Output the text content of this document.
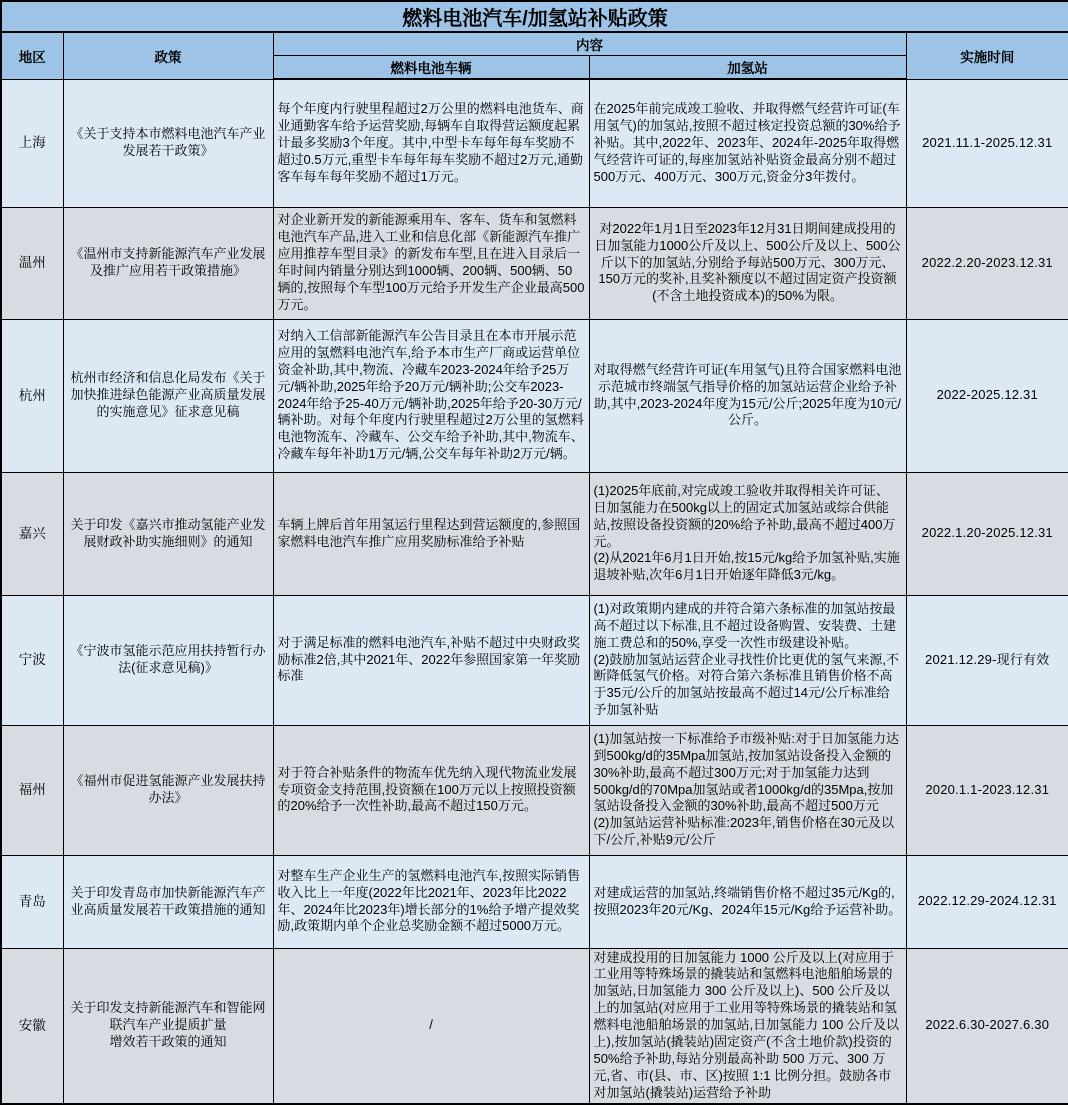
燃料电池汽车/加氢站补贴政策				
地区	政策	内容		实施时间
		燃料电池车辆	加氢站	
上海	《关于支持本市燃料电池汽车产业发展若干政策》	每个年度内行驶里程超过2万公里的燃料电池货车、商业通勤客车给予运营奖励,每辆车自取得营运额度起累计最多奖励3个年度。其中,中型卡车每年每车奖励不超过0.5万元,重型卡车每年每车奖励不超过2万元,通勤客车每车每年奖励不超过1万元。	在2025年前完成竣工验收、并取得燃气经营许可证(车用氢气)的加氢站,按照不超过核定投资总额的30%给予补贴。其中,2022年、2023年、2024年-2025年取得燃气经营许可证的,每座加氢站补贴资金最高分别不超过500万元、400万元、300万元,资金分3年拨付。	2021.11.1-2025.12.31
温州	《温州市支持新能源汽车产业发展及推广应用若干政策措施》	对企业新开发的新能源乘用车、客车、货车和氢燃料电池汽车产品,进入工业和信息化部《新能源汽车推广应用推荐车型目录》的新发布车型,且在进入目录后一年时间内销量分别达到1000辆、200辆、500辆、50辆的,按照每个车型100万元给予开发生产企业最高500万元。	对2022年1月1日至2023年12月31日期间建成投用的日加氢能力1000公斤及以上、500公斤及以上、500公斤以下的加氢站,分别给予每站500万元、300万元、150万元的奖补,且奖补额度以不超过固定资产投资额(不含土地投资成本)的50%为限。	2022.2.20-2023.12.31
杭州	杭州市经济和信息化局发布《关于加快推进绿色能源产业高质量发展的实施意见》征求意见稿	对纳入工信部新能源汽车公告目录且在本市开展示范应用的氢燃料电池汽车,给予本市生产厂商或运营单位资金补助,其中,物流、冷藏车2023-2024年给予25万元/辆补助,2025年给予20万元/辆补助;公交车2023-2024年给予25-40万元/辆补助,2025年给予20-30万元/辆补助。对每个年度内行驶里程超过2万公里的氢燃料电池物流车、冷藏车、公交车给予补助,其中,物流车、冷藏车每年补助1万元/辆,公交车每年补助2万元/辆。	对取得燃气经营许可证(车用氢气)且符合国家燃料电池示范城市终端氢气指导价格的加氢站运营企业给予补助,其中,2023-2024年度为15元/公斤;2025年度为10元/公斤。	2022-2025.12.31
嘉兴	关于印发《嘉兴市推动氢能产业发展财政补助实施细则》的通知	车辆上牌后首年用氢运行里程达到营运额度的,参照国家燃料电池汽车推广应用奖励标准给予补贴	(1)2025年底前,对完成竣工验收并取得相关许可证、日加氢能力在500kg以上的固定式加氢站或综合供能站,按照设备投资额的20%给予补助,最高不超过400万元。
(2)从2021年6月1日开始,按15元/kg给予加氢补贴,实施退坡补贴,次年6月1日开始逐年降低3元/kg。	2022.1.20-2025.12.31
宁波	《宁波市氢能示范应用扶持暂行办法(征求意见稿)》	对于满足标准的燃料电池汽车,补贴不超过中央财政奖励标准2倍,其中2021年、2022年参照国家第一年奖励标准	(1)对政策期内建成的并符合第六条标准的加氢站按最高不超过以下标准,且不超过设备购置、安装费、土建施工费总和的50%,享受一次性市级建设补贴。
(2)鼓励加氢站运营企业寻找性价比更优的氢气来源,不断降低氢气价格。对符合第六条标准且销售价格不高于35元/公斤的加氢站按最高不超过14元/公斤标准给予加氢补贴	2021.12.29-现行有效
福州	《福州市促进氢能源产业发展扶持办法》	对于符合补贴条件的物流车优先纳入现代物流业发展专项资金支持范围,投资额在100万元以上按照投资额的20%给予一次性补助,最高不超过150万元。	(1)加氢站按一下标准给予市级补贴:对于日加氢能力达到500kg/d的35Mpa加氢站,按加氢站设备投入金额的30%补助,最高不超过300万元;对于加氢能力达到500kg/d的70Mpa加氢站或者1000kg/d的35Mpa,按加氢站设备投入金额的30%补助,最高不超过500万元
(2)加氢站运营补贴标准:2023年,销售价格在30元及以下/公斤,补贴9元/公斤	2020.1.1-2023.12.31
青岛	关于印发青岛市加快新能源汽车产业高质量发展若干政策措施的通知	对整车生产企业生产的氢燃料电池汽车,按照实际销售收入比上一年度(2022年比2021年、2023年比2022年、2024年比2023年)增长部分的1%给予增产提效奖励,政策期内单个企业总奖励金额不超过5000万元。	对建成运营的加氢站,终端销售价格不超过35元/Kg的,按照2023年20元/Kg、2024年15元/Kg给予运营补助。	2022.12.29-2024.12.31
安徽	关于印发支持新能源汽车和智能网
联汽车产业提质扩量
增效若干政策的通知	/	对建成投用的日加氢能力 1000 公斤及以上(对应用于工业用等特殊场景的撬装站和氢燃料电池船舶场景的加氢站,日加氢能力 300 公斤及以上)、500 公斤及以上的加氢站(对应用于工业用等特殊场景的撬装站和氢燃料电池船舶场景的加氢站,日加氢能力 100 公斤及以上),按加氢站(撬装站)固定资产(不含土地价款)投资的 50%给予补助,每站分别最高补助 500 万元、300 万元,省、市(县、市、区)按照 1:1 比例分担。鼓励各市对加氢站(撬装站)运营给予补助	2022.6.30-2027.6.30
